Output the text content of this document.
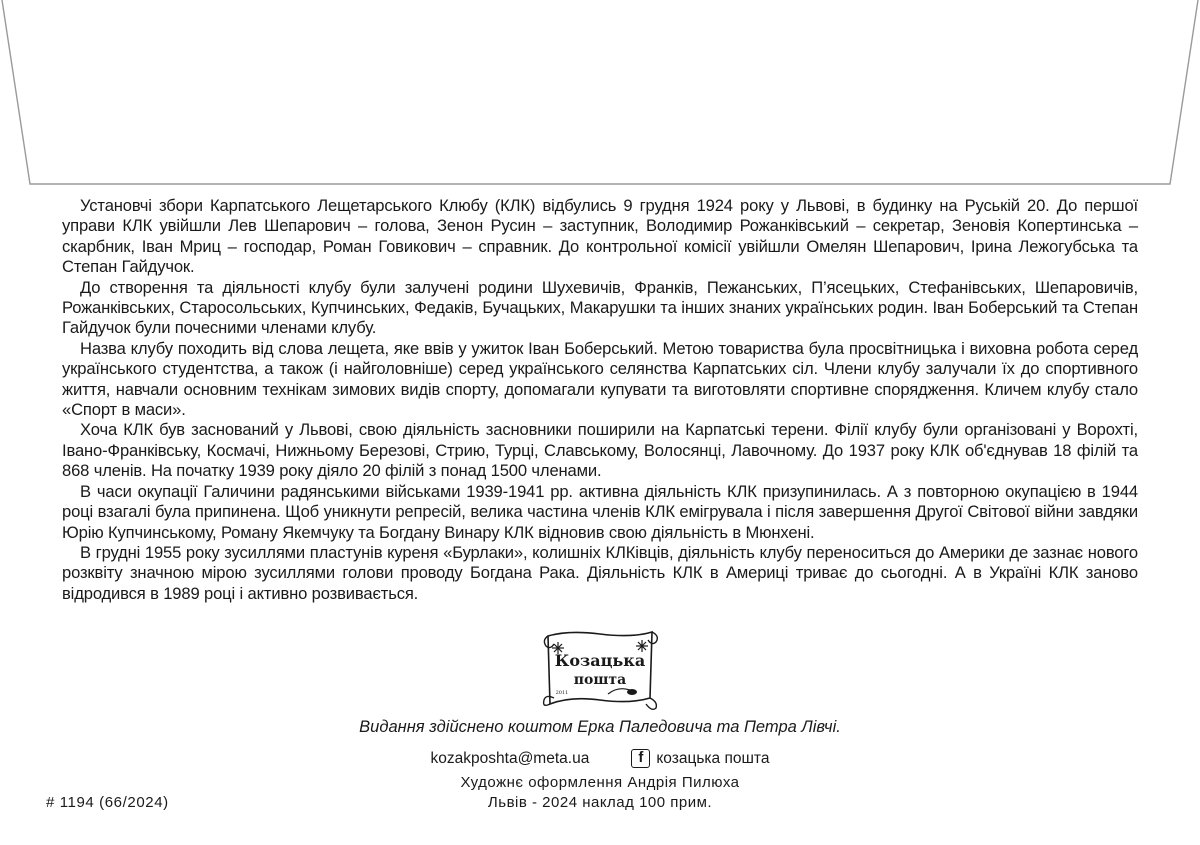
Установчі збори Карпатського Лещетарського Клюбу (КЛК) відбулись 9 грудня 1924 року у Львові, в будинку на Руській 20. До першої управи КЛК увійшли Лев Шепарович – голова, Зенон Русин – заступник, Володимир Рожанківський – секретар, Зеновія Копертинська – скарбник, Іван Мриц – господар, Роман Говикович – справник. До контрольної комісії увійшли Омелян Шепарович, Ірина Лежогубська та Степан Гайдучок.

До створення та діяльності клубу були залучені родини Шухевичів, Франків, Пежанських, П’ясецьких, Стефанівських, Шепаровичів, Рожанківських, Старосольських, Купчинських, Федаків, Бучацьких, Макарушки та інших знаних українських родин. Іван Боберський та Степан Гайдучок були почесними членами клубу.

Назва клубу походить від слова лещета, яке ввів у ужиток Іван Боберський. Метою товариства була просвітницька і виховна робота серед українського студентства, а також (і найголовніше) серед українського селянства Карпатських сіл. Члени клубу залучали їх до спортивного життя, навчали основним технікам зимових видів спорту, допомагали купувати та виготовляти спортивне спорядження. Кличем клубу стало «Спорт в маси».

Хоча КЛК був заснований у Львові, свою діяльність засновники поширили на Карпатські терени. Філії клубу були організовані у Ворохті, Івано-Франківську, Космачі, Нижньому Березові, Стрию, Турці, Славському, Волосянці, Лавочному. До 1937 року КЛК об'єднував 18 філій та 868 членів. На початку 1939 року діяло 20 філій з понад 1500 членами.

В часи окупації Галичини радянськими військами 1939-1941 рр. активна діяльність КЛК призупинилась. А з повторною окупацією в 1944 році взагалі була припинена. Щоб уникнути репресій, велика частина членів КЛК емігрувала і після завершення Другої Світової війни завдяки Юрію Купчинському, Роману Якемчуку та Богдану Винару КЛК відновив свою діяльність в Мюнхені.

В грудні 1955 року зусиллями пластунів куреня «Бурлаки», колишніх КЛКівців, діяльність клубу переноситься до Америки де зазнає нового розквіту значною мірою зусиллями голови проводу Богдана Рака. Діяльність КЛК в Америці триває до сьогодні. А в Україні КЛК заново відродився в 1989 році і активно розвивається.

Козацька
пошта
2011
Видання здійснено коштом Ерка Паледовича та Петра Лівчі.
kozakposhta@meta.uaf	козацька пошта
Художнє оформлення Андрія Пилюха
Львів - 2024 наклад 100 прим.
# 1194 (66/2024)
